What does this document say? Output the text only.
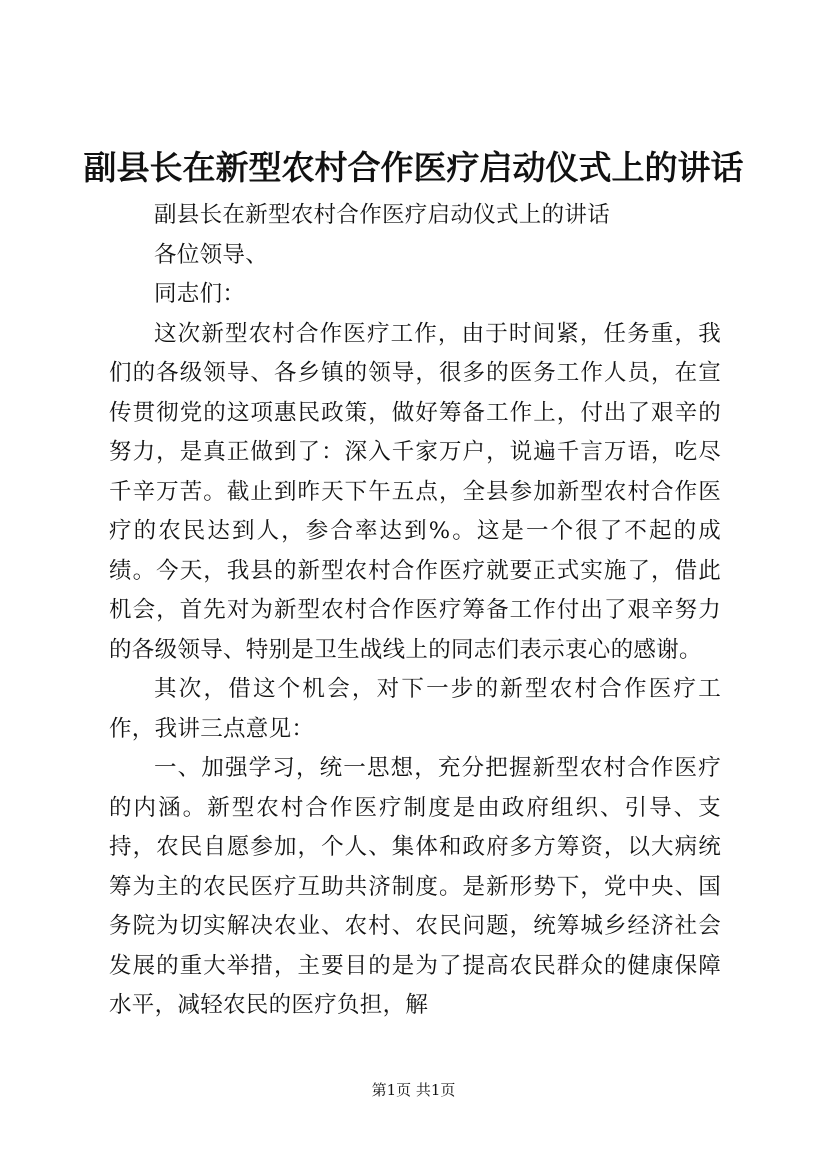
副县长在新型农村合作医疗启动仪式上的讲话

副县长在新型农村合作医疗启动仪式上的讲话

各位领导、

同志们：

这次新型农村合作医疗工作，由于时间紧，任务重，我们的各级领导、各乡镇的领导，很多的医务工作人员，在宣传贯彻党的这项惠民政策，做好筹备工作上，付出了艰辛的努力，是真正做到了：深入千家万户，说遍千言万语，吃尽千辛万苦。截止到昨天下午五点，全县参加新型农村合作医疗的农民达到人，参合率达到%。这是一个很了不起的成绩。今天，我县的新型农村合作医疗就要正式实施了，借此机会，首先对为新型农村合作医疗筹备工作付出了艰辛努力的各级领导、特别是卫生战线上的同志们表示衷心的感谢。

其次，借这个机会，对下一步的新型农村合作医疗工作，我讲三点意见：

一、加强学习，统一思想，充分把握新型农村合作医疗的内涵。新型农村合作医疗制度是由政府组织、引导、支持，农民自愿参加，个人、集体和政府多方筹资，以大病统筹为主的农民医疗互助共济制度。是新形势下，党中央、国务院为切实解决农业、农村、农民问题，统筹城乡经济社会发展的重大举措，主要目的是为了提高农民群众的健康保障水平，减轻农民的医疗负担，解

第1页 共1页
